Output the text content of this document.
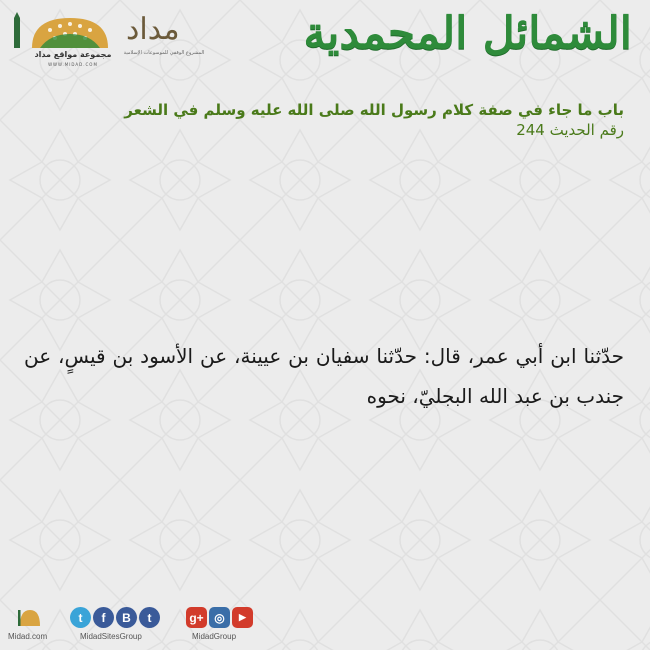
الشمائل المحمدية
مداد
المشروع الوقفي للموسوعات الإسلامية
مجموعة مواقع مداد
WWW.MIDAD.COM
باب ما جاء في صفة كلام رسول الله صلى الله عليه وسلم في الشعر
رقم الحديث 244
حدّثنا ابن أبي عمر، قال: حدّثنا سفيان بن عيينة، عن الأسود بن قيسٍ، عن جندب بن عبد الله البجليّ، نحوه
Midad.com
t	f	B	t
MidadSitesGroup
g+ ◎	▶
MidadGroup
